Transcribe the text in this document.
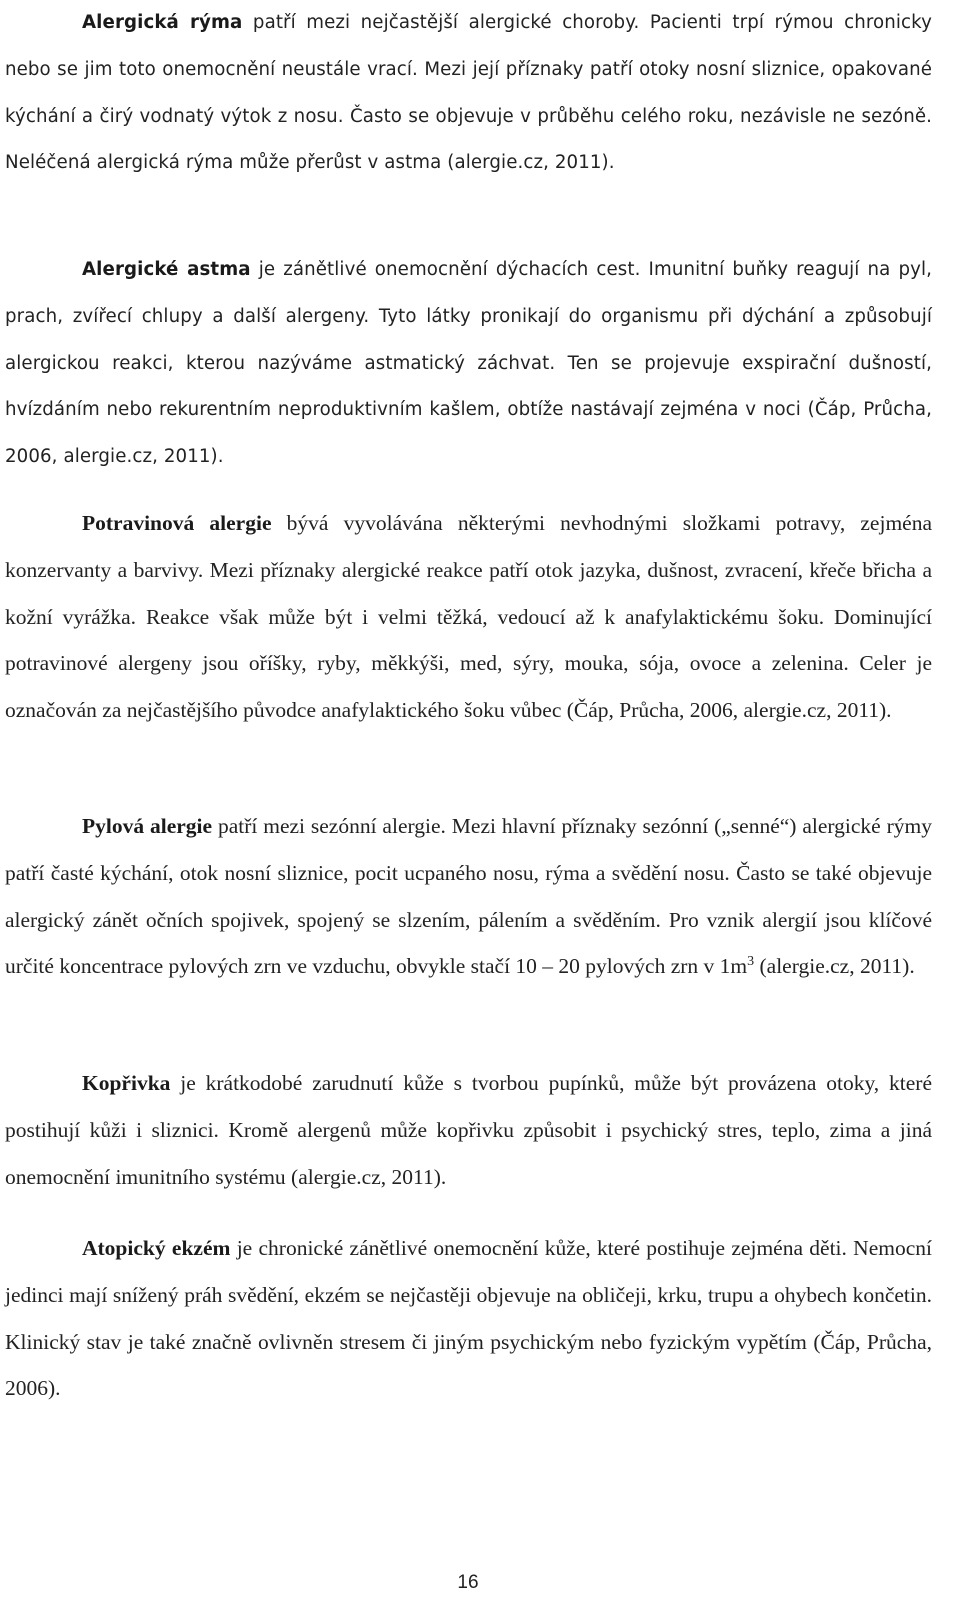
Alergická rýma patří mezi nejčastější alergické choroby. Pacienti trpí rýmou chronicky nebo se jim toto onemocnění neustále vrací. Mezi její příznaky patří otoky nosní sliznice, opakované kýchání a čirý vodnatý výtok z nosu. Často se objevuje v průběhu celého roku, nezávisle ne sezóně. Neléčená alergická rýma může přerůst v astma (alergie.cz, 2011).

Alergické astma je zánětlivé onemocnění dýchacích cest. Imunitní buňky reagují na pyl, prach, zvířecí chlupy a další alergeny. Tyto látky pronikají do organismu při dýchání a způsobují alergickou reakci, kterou nazýváme astmatický záchvat. Ten se projevuje exspirační dušností, hvízdáním nebo rekurentním neproduktivním kašlem, obtíže nastávají zejména v noci (Čáp, Průcha, 2006, alergie.cz, 2011).

Potravinová alergie bývá vyvolávána některými nevhodnými složkami potravy, zejména konzervanty a barvivy. Mezi příznaky alergické reakce patří otok jazyka, dušnost, zvracení, křeče břicha a kožní vyrážka. Reakce však může být i velmi těžká, vedoucí až k anafylaktickému šoku. Dominující potravinové alergeny jsou oříšky, ryby, měkkýši, med, sýry, mouka, sója, ovoce a zelenina. Celer je označován za nejčastějšího původce anafylaktického šoku vůbec (Čáp, Průcha, 2006, alergie.cz, 2011).

Pylová alergie patří mezi sezónní alergie. Mezi hlavní příznaky sezónní („senné“) alergické rýmy patří časté kýchání, otok nosní sliznice, pocit ucpaného nosu, rýma a svědění nosu. Často se také objevuje alergický zánět očních spojivek, spojený se slzením, pálením a svěděním. Pro vznik alergií jsou klíčové určité koncentrace pylových zrn ve vzduchu, obvykle stačí 10 – 20 pylových zrn v $1m^3$ (alergie.cz, 2011).

Kopřivka je krátkodobé zarudnutí kůže s tvorbou pupínků, může být provázena otoky, které postihují kůži i sliznici. Kromě alergenů může kopřivku způsobit i psychický stres, teplo, zima a jiná onemocnění imunitního systému (alergie.cz, 2011).

Atopický ekzém je chronické zánětlivé onemocnění kůže, které postihuje zejména děti. Nemocní jedinci mají snížený práh svědění, ekzém se nejčastěji objevuje na obličeji, krku, trupu a ohybech končetin. Klinický stav je také značně ovlivněn stresem či jiným psychickým nebo fyzickým vypětím (Čáp, Průcha, 2006).

16
